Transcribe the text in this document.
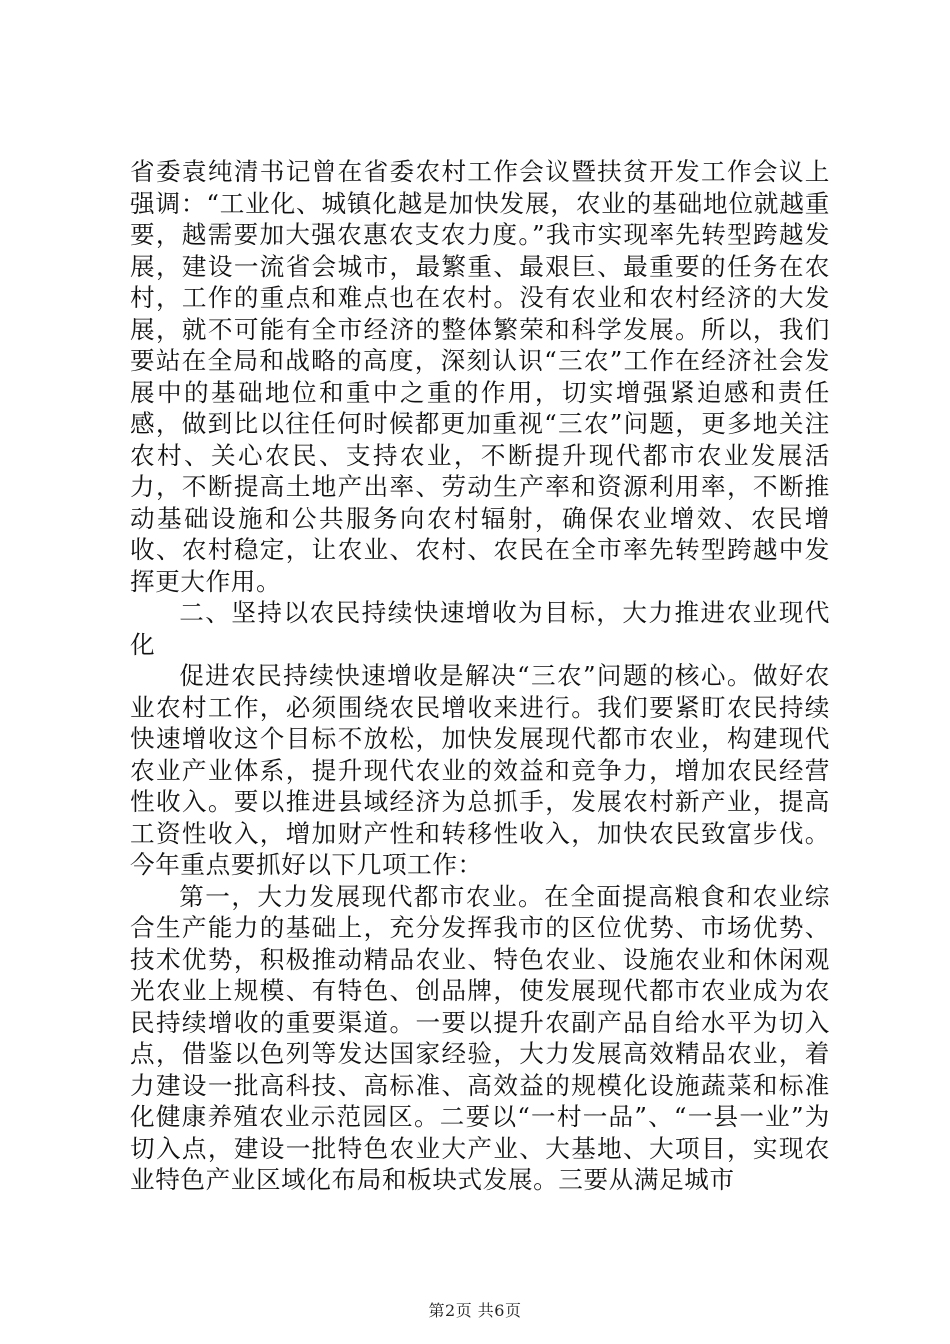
省委袁纯清书记曾在省委农村工作会议暨扶贫开发工作会议上强调：“工业化、城镇化越是加快发展，农业的基础地位就越重要，越需要加大强农惠农支农力度。”我市实现率先转型跨越发展，建设一流省会城市，最繁重、最艰巨、最重要的任务在农村，工作的重点和难点也在农村。没有农业和农村经济的大发展，就不可能有全市经济的整体繁荣和科学发展。所以，我们要站在全局和战略的高度，深刻认识“三农”工作在经济社会发展中的基础地位和重中之重的作用，切实增强紧迫感和责任感，做到比以往任何时候都更加重视“三农”问题，更多地关注农村、关心农民、支持农业，不断提升现代都市农业发展活力，不断提高土地产出率、劳动生产率和资源利用率，不断推动基础设施和公共服务向农村辐射，确保农业增效、农民增收、农村稳定，让农业、农村、农民在全市率先转型跨越中发挥更大作用。

二、坚持以农民持续快速增收为目标，大力推进农业现代化

促进农民持续快速增收是解决“三农”问题的核心。做好农业农村工作，必须围绕农民增收来进行。我们要紧盯农民持续快速增收这个目标不放松，加快发展现代都市农业，构建现代农业产业体系，提升现代农业的效益和竞争力，增加农民经营性收入。要以推进县域经济为总抓手，发展农村新产业，提高工资性收入，增加财产性和转移性收入，加快农民致富步伐。今年重点要抓好以下几项工作：

第一，大力发展现代都市农业。在全面提高粮食和农业综合生产能力的基础上，充分发挥我市的区位优势、市场优势、技术优势，积极推动精品农业、特色农业、设施农业和休闲观光农业上规模、有特色、创品牌，使发展现代都市农业成为农民持续增收的重要渠道。一要以提升农副产品自给水平为切入点，借鉴以色列等发达国家经验，大力发展高效精品农业，着力建设一批高科技、高标准、高效益的规模化设施蔬菜和标准化健康养殖农业示范园区。二要以“一村一品”、“一县一业”为切入点，建设一批特色农业大产业、大基地、大项目，实现农业特色产业区域化布局和板块式发展。三要从满足城市

第2页 共6页
